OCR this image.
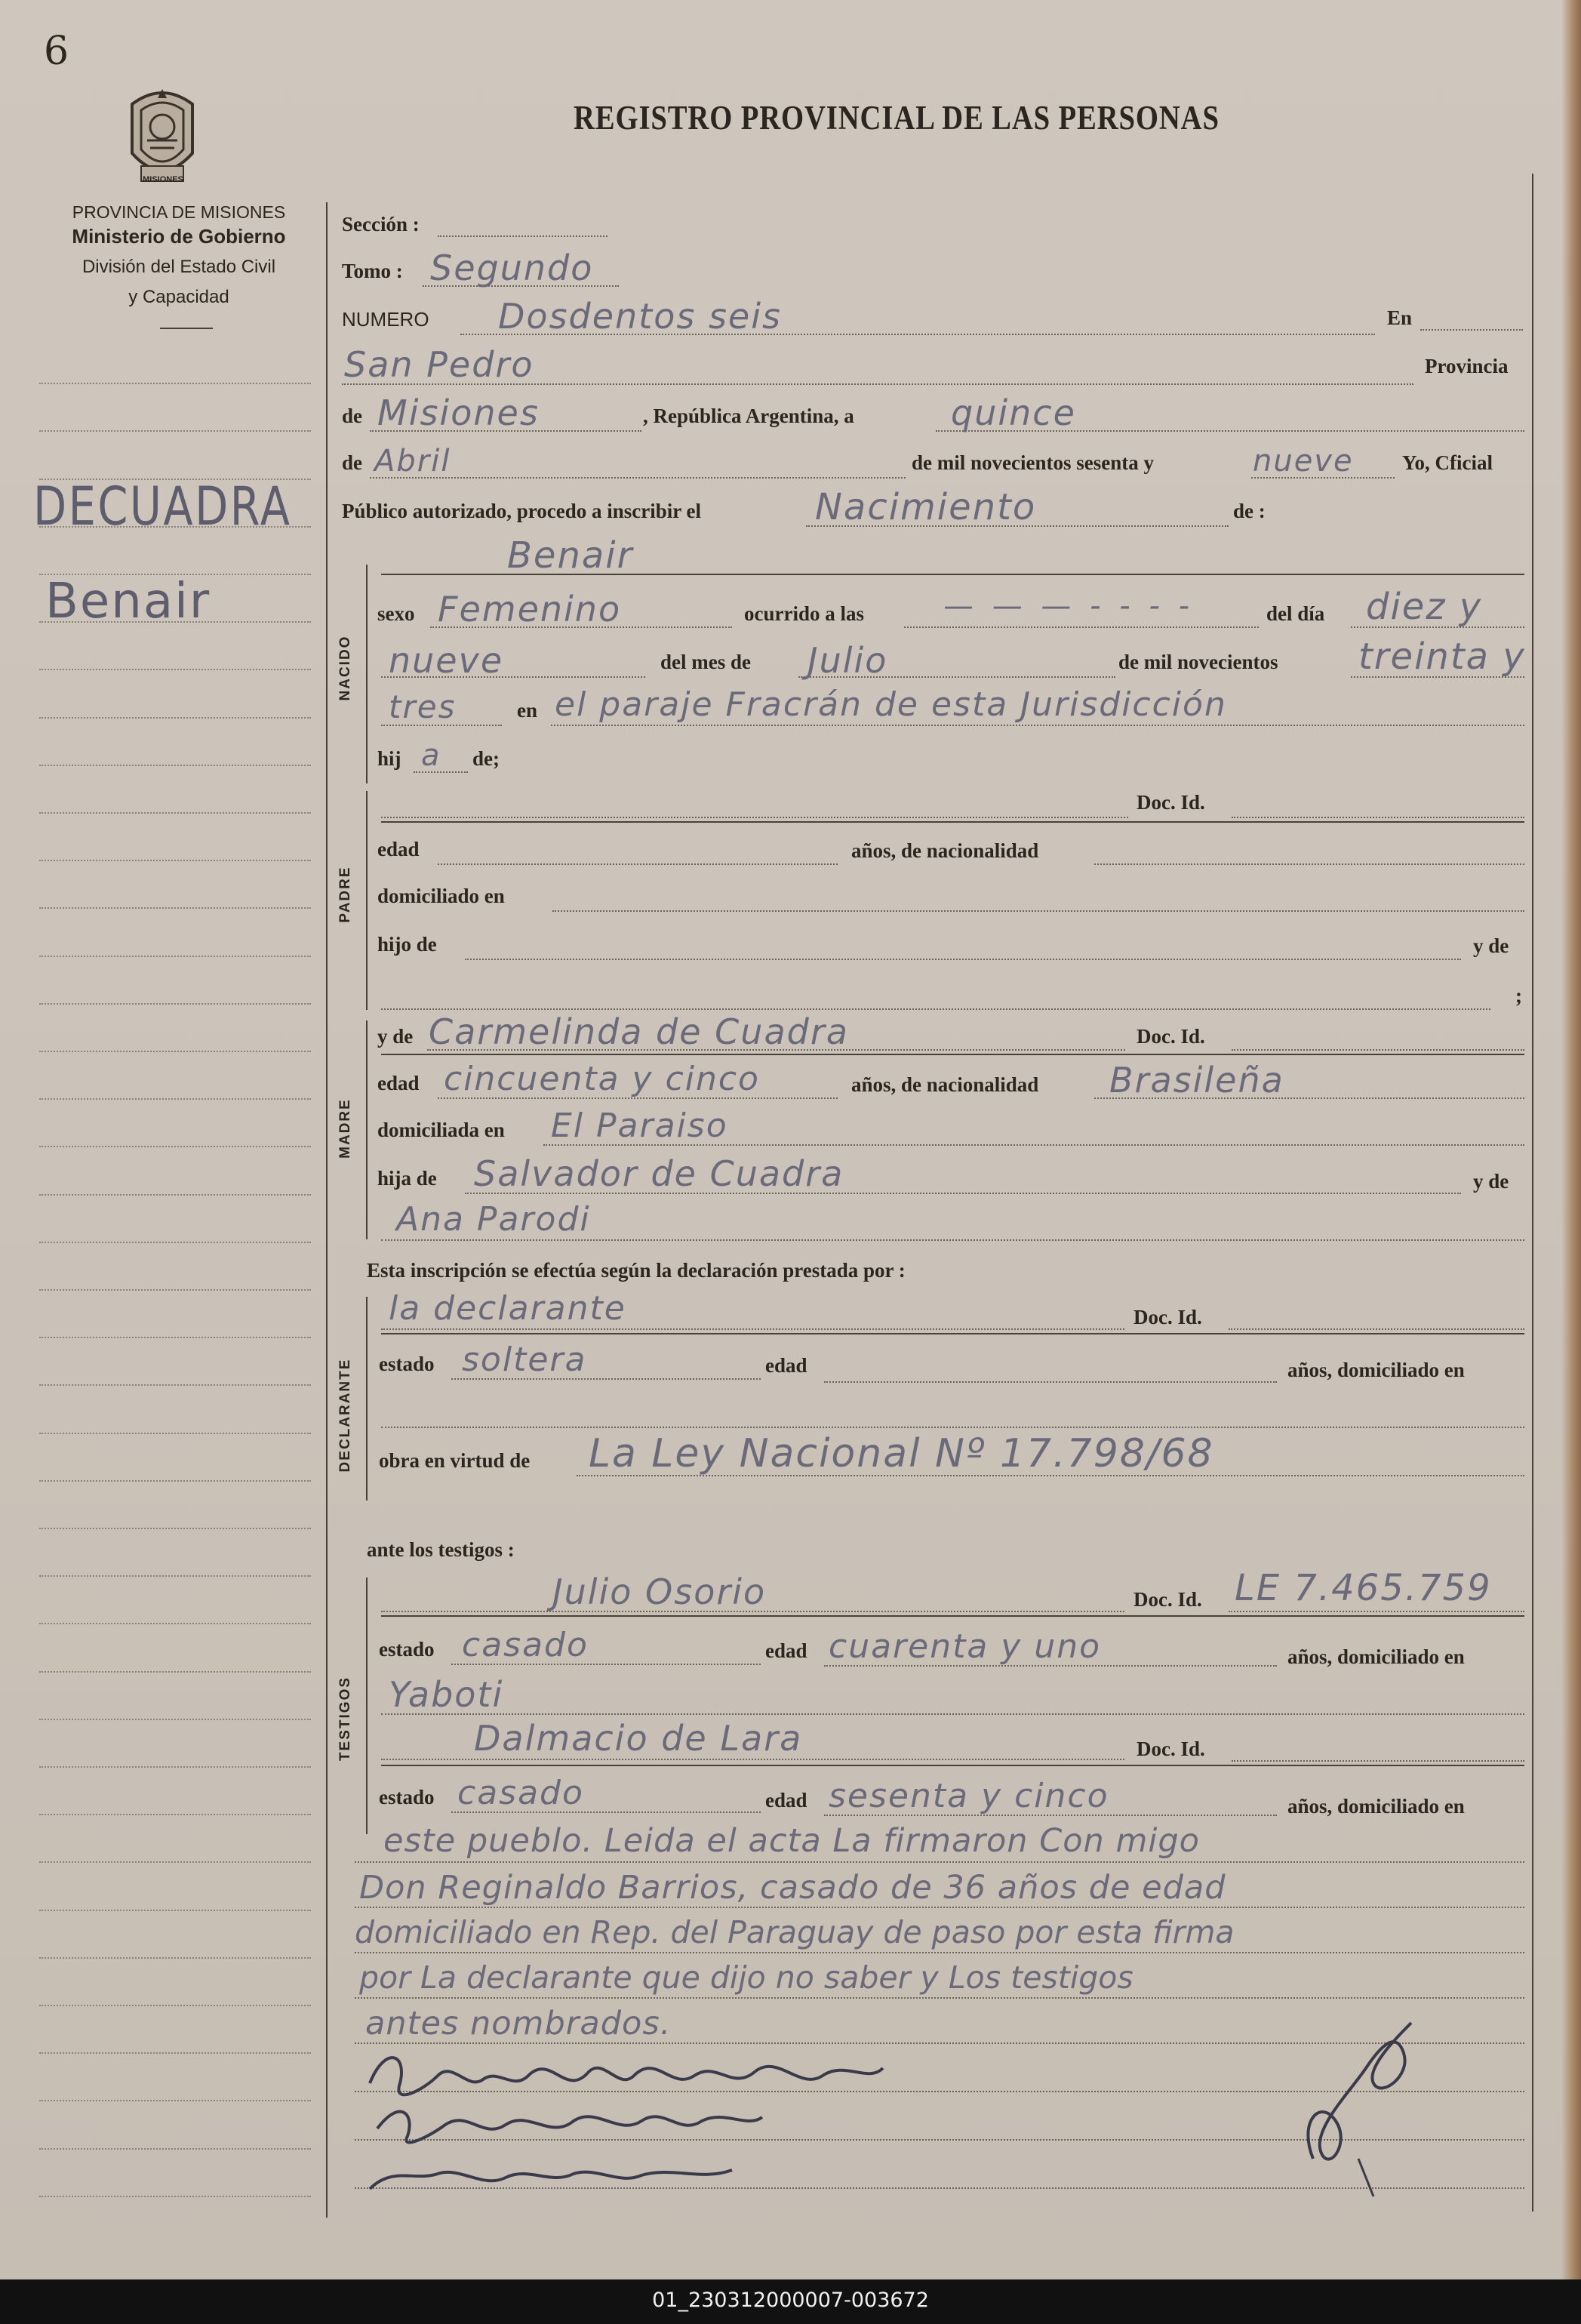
6
MISIONES
PROVINCIA DE MISIONES
Ministerio de Gobierno
División del Estado Civil
y Capacidad
REGISTRO PROVINCIAL DE LAS PERSONAS
DECUADRA
Benair
Sección :
Tomo : Segundo
NUMERO Dosdentos seis	En
San Pedro	Provincia
de Misiones	, República Argentina, a	quince
de Abril	de mil novecientos sesenta y	nueve Yo, Cficial
Público autorizado, procedo a inscribir el	Nacimiento	de :
NACIDO
Benair
sexo Femenino	ocurrido a las	— — — - - - -	del día diez y
nueve	del mes de Julio	de mil novecientos treinta y
tres	en el paraje Fracrán de esta Jurisdicción
hij a de;
PADRE
Doc. Id.
edad	años, de nacionalidad
domiciliado en
hijo de	y de
;
MADRE
y de Carmelinda de Cuadra	Doc. Id.
edad cincuenta y cinco	años, de nacionalidad Brasileña
domiciliada en El Paraiso
hija de Salvador de Cuadra	y de
Ana Parodi
Esta inscripción se efectúa según la declaración prestada por :
DECLARANTE
la declarante	Doc. Id.
estado soltera	edad	años, domiciliado en
obra en virtud de La Ley Nacional Nº 17.798/68
ante los testigos :
TESTIGOS
Julio Osorio	Doc. Id. LE 7.465.759
estado casado	edad cuarenta y uno	años, domiciliado en
Yaboti
Dalmacio de Lara	Doc. Id.
estado casado	edad sesenta y cinco	años, domiciliado en
este pueblo. Leida el acta La firmaron Con migo
Don Reginaldo Barrios, casado de 36 años de edad
domiciliado en Rep. del Paraguay de paso por esta firma
por La declarante que dijo no saber y Los testigos
antes nombrados.
01_230312000007-003672
